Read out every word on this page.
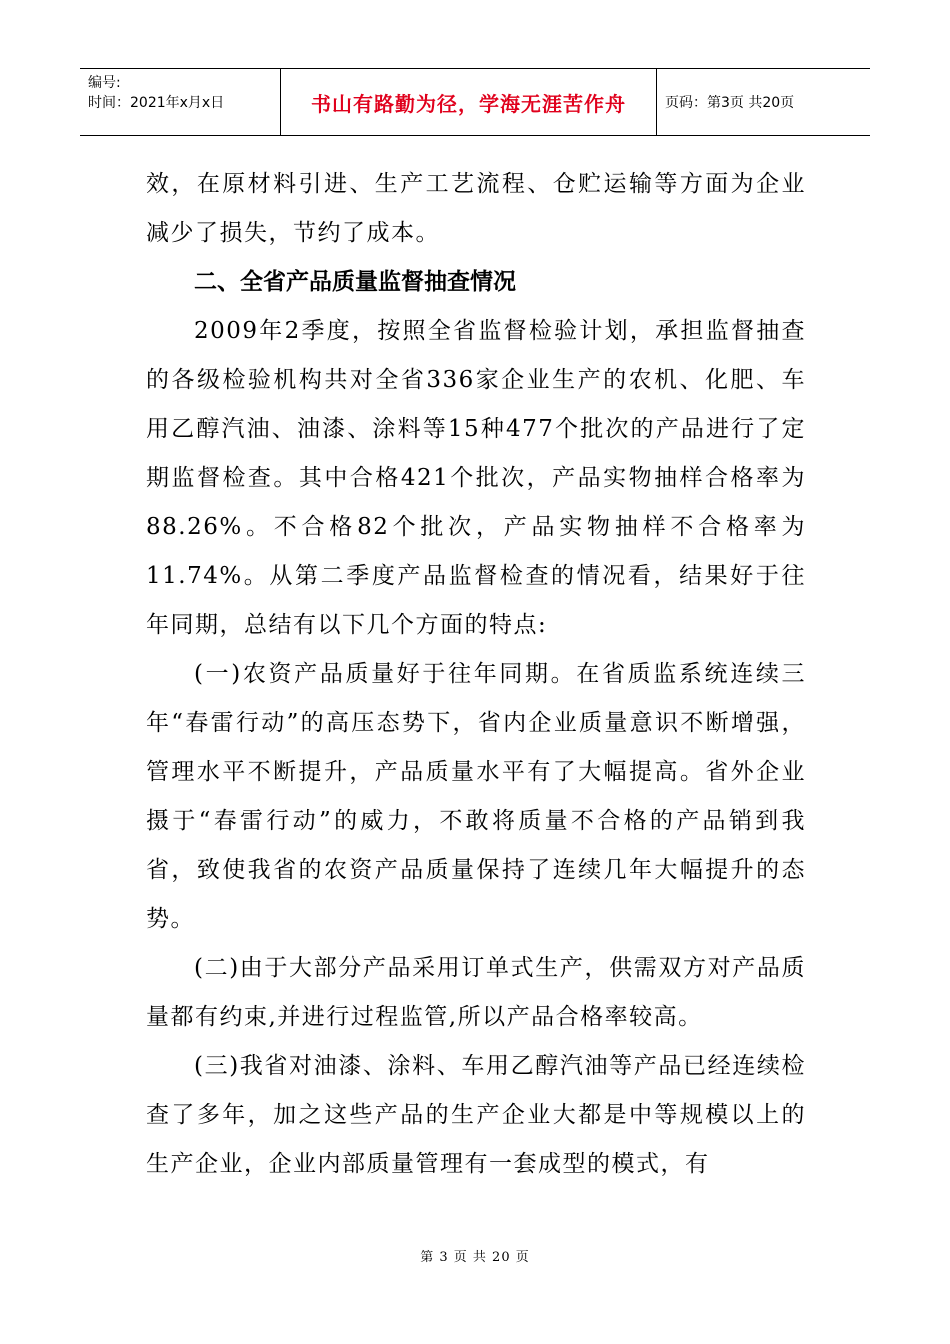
编号:
时间：2021年x月x日	书山有路勤为径，学海无涯苦作舟	页码：第3页 共20页

效，在原材料引进、生产工艺流程、仓贮运输等方面为企业减少了损失，节约了成本。

二、全省产品质量监督抽查情况

2009年2季度，按照全省监督检验计划，承担监督抽查的各级检验机构共对全省336家企业生产的农机、化肥、车用乙醇汽油、油漆、涂料等15种477个批次的产品进行了定期监督检查。其中合格421个批次，产品实物抽样合格率为88.26%。不合格82个批次，产品实物抽样不合格率为11.74%。从第二季度产品监督检查的情况看，结果好于往年同期，总结有以下几个方面的特点:

(一)农资产品质量好于往年同期。在省质监系统连续三年“春雷行动”的高压态势下，省内企业质量意识不断增强，管理水平不断提升，产品质量水平有了大幅提高。省外企业摄于“春雷行动”的威力，不敢将质量不合格的产品销到我省，致使我省的农资产品质量保持了连续几年大幅提升的态势。

(二)由于大部分产品采用订单式生产，供需双方对产品质量都有约束,并进行过程监管,所以产品合格率较高。

(三)我省对油漆、涂料、车用乙醇汽油等产品已经连续检查了多年，加之这些产品的生产企业大都是中等规模以上的生产企业，企业内部质量管理有一套成型的模式，有

第 3 页 共 20 页
